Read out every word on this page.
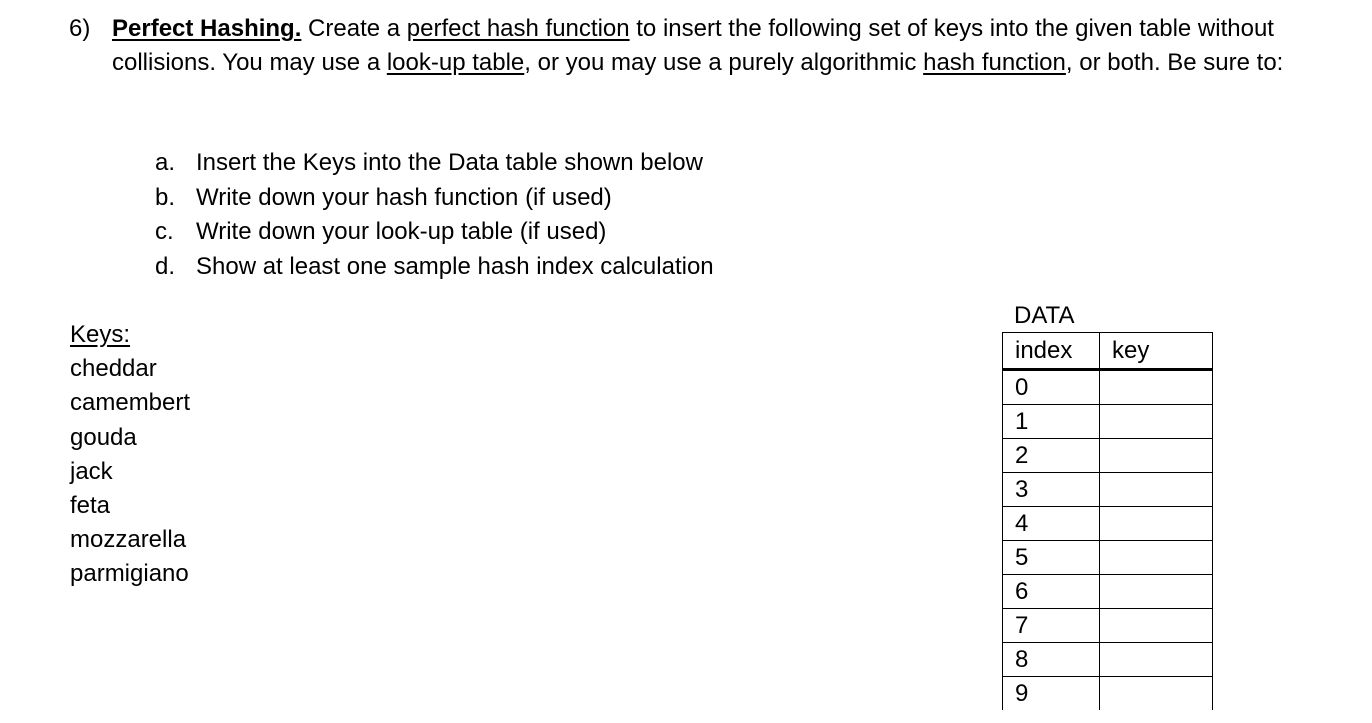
6) Perfect Hashing. Create a perfect hash function to insert the following set of keys into the given table without collisions. You may use a look-up table, or you may use a purely algorithmic hash function, or both. Be sure to:
a. Insert the Keys into the Data table shown below
b. Write down your hash function (if used)
c. Write down your look-up table (if used)
d. Show at least one sample hash index calculation
Keys:
cheddar
camembert
gouda
jack
feta
mozzarella
parmigiano
DATA
index	key
0	
1	
2	
3	
4	
5	
6	
7	
8	
9	
